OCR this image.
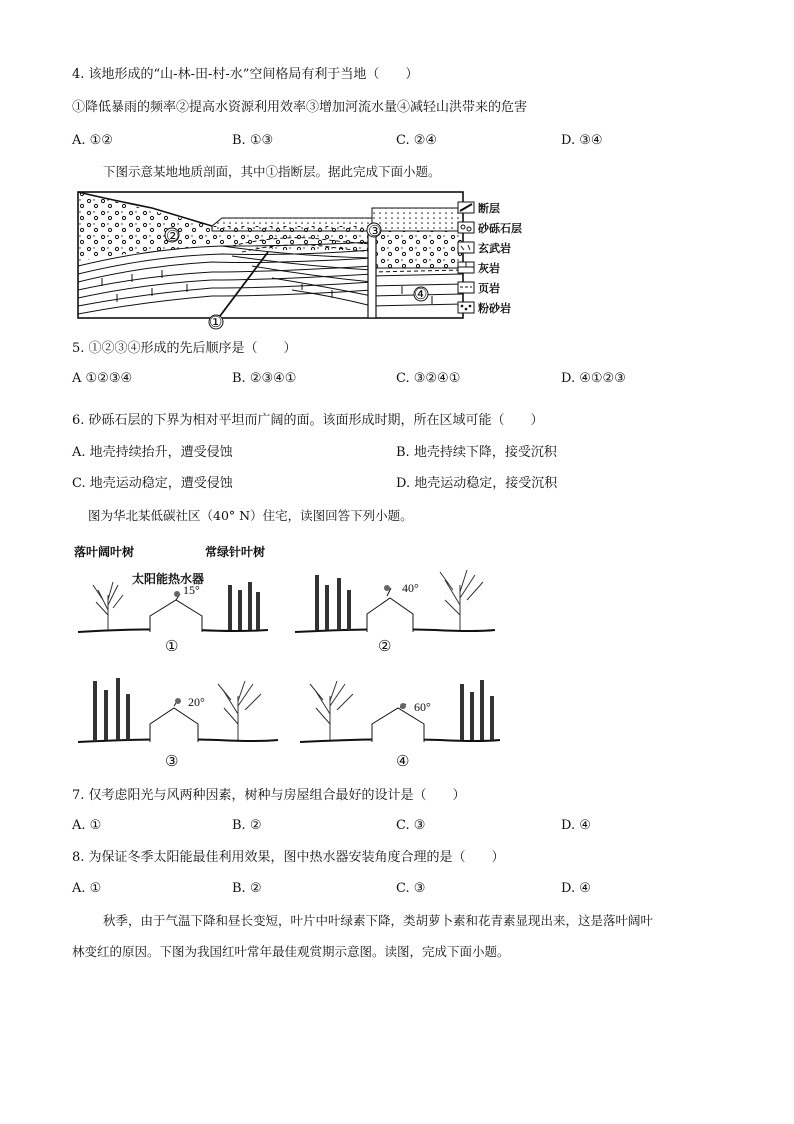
4. 该地形成的“山-林-田-村-水”空间格局有利于当地（　　）
①降低暴雨的频率②提高水资源利用效率③增加河流水量④减轻山洪带来的危害
A. ①②	B. ①③	C. ②④	D. ③④
下图示意某地地质剖面，其中①指断层。据此完成下面小题。
②	③
④
①
断层
砂砾石层
玄武岩
灰岩
页岩
粉砂岩
5. ①②③④形成的先后顺序是（　　）
A ①②③④	B. ②③④①	C. ③②④①	D. ④①②③
6. 砂砾石层的下界为相对平坦而广阔的面。该面形成时期，所在区域可能（　　）
A. 地壳持续抬升，遭受侵蚀	B. 地壳持续下降，接受沉积
C. 地壳运动稳定，遭受侵蚀	D. 地壳运动稳定，接受沉积
图为华北某低碳社区（40° N）住宅，读图回答下列小题。
落叶阔叶树	常绿针叶树
太阳能热水器
15°
①
40°
②
20°
③
60°
④
7. 仅考虑阳光与风两种因素，树种与房屋组合最好的设计是（　　）
A. ①	B. ②	C. ③	D. ④
8. 为保证冬季太阳能最佳利用效果，图中热水器安装角度合理的是（　　）
A. ①	B. ②	C. ③	D. ④
秋季，由于气温下降和昼长变短，叶片中叶绿素下降，类胡萝卜素和花青素显现出来，这是落叶阔叶
林变红的原因。下图为我国红叶常年最佳观赏期示意图。读图，完成下面小题。
